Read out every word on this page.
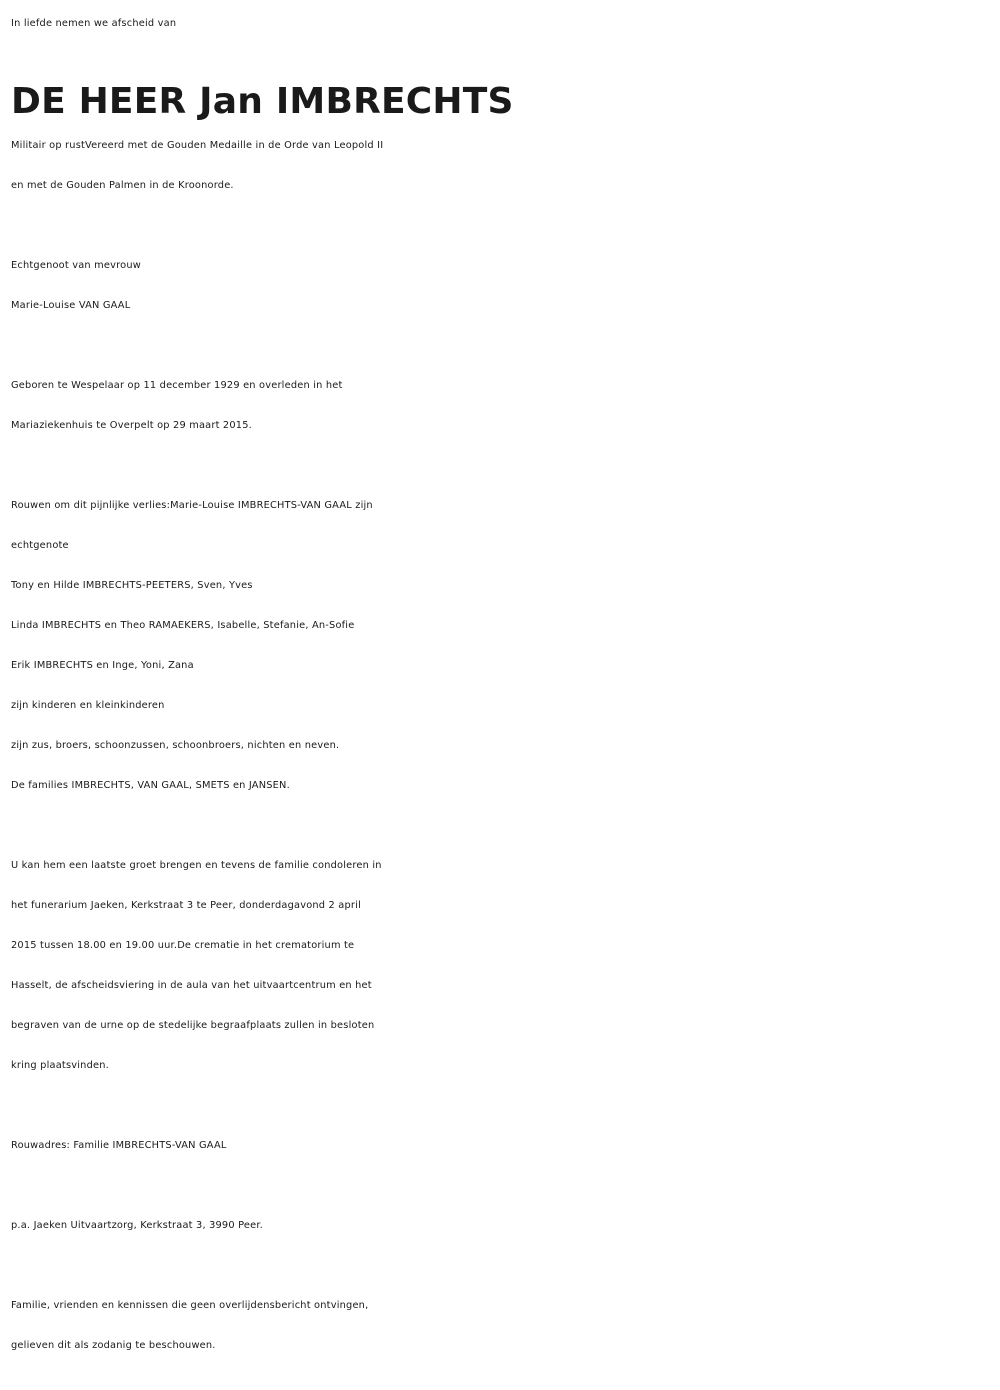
In liefde nemen we afscheid van
DE HEER Jan IMBRECHTS
Militair op rustVereerd met de Gouden Medaille in de Orde van Leopold II
en met de Gouden Palmen in de Kroonorde.
Echtgenoot van mevrouw
Marie-Louise VAN GAAL
Geboren te Wespelaar op 11 december 1929 en overleden in het
Mariaziekenhuis te Overpelt op 29 maart 2015.
Rouwen om dit pijnlijke verlies:Marie-Louise IMBRECHTS-VAN GAAL zijn
echtgenote
Tony en Hilde IMBRECHTS-PEETERS, Sven, Yves
Linda IMBRECHTS en Theo RAMAEKERS, Isabelle, Stefanie, An-Sofie
Erik IMBRECHTS en Inge, Yoni, Zana
zijn kinderen en kleinkinderen
zijn zus, broers, schoonzussen, schoonbroers, nichten en neven.
De families IMBRECHTS, VAN GAAL, SMETS en JANSEN.
U kan hem een laatste groet brengen en tevens de familie condoleren in
het funerarium Jaeken, Kerkstraat 3 te Peer, donderdagavond 2 april
2015 tussen 18.00 en 19.00 uur.De crematie in het crematorium te
Hasselt, de afscheidsviering in de aula van het uitvaartcentrum en het
begraven van de urne op de stedelijke begraafplaats zullen in besloten
kring plaatsvinden.
Rouwadres: Familie IMBRECHTS-VAN GAAL
p.a. Jaeken Uitvaartzorg, Kerkstraat 3, 3990 Peer.
Familie, vrienden en kennissen die geen overlijdensbericht ontvingen,
gelieven dit als zodanig te beschouwen.
